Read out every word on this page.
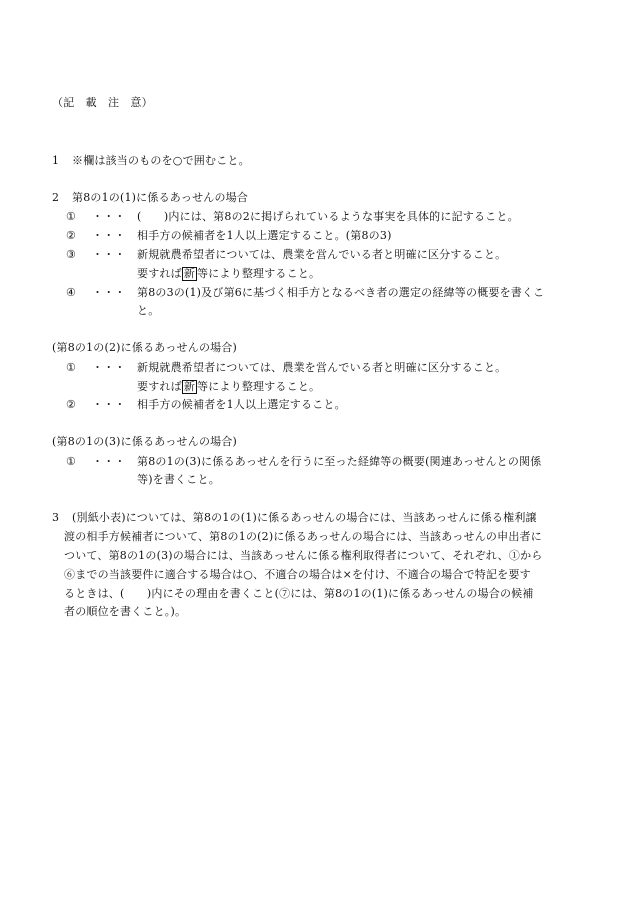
（記　載　注　意）
1 ※欄は該当のものを○で囲むこと。
2 第8の1の(1)に係るあっせんの場合
① ・・・ (　　)内には、第8の2に掲げられているような事実を具体的に記すること。
② ・・・ 相手方の候補者を1人以上選定すること。(第8の3)
③ ・・・ 新規就農希望者については、農業を営んでいる者と明確に区分すること。
要すれば 新 等により整理すること。
④ ・・・ 第8の3の(1)及び第6に基づく相手方となるべき者の選定の経緯等の概要を書くこ
と。
(第8の1の(2)に係るあっせんの場合)
① ・・・ 新規就農希望者については、農業を営んでいる者と明確に区分すること。
要すれば 新 等により整理すること。
② ・・・ 相手方の候補者を1人以上選定すること。
(第8の1の(3)に係るあっせんの場合)
① ・・・ 第8の1の(3)に係るあっせんを行うに至った経緯等の概要(関連あっせんとの関係
等)を書くこと。
3 (別紙小表)については、第8の1の(1)に係るあっせんの場合には、当該あっせんに係る権利譲
渡の相手方候補者について、第8の1の(2)に係るあっせんの場合には、当該あっせんの申出者に
ついて、第8の1の(3)の場合には、当該あっせんに係る権利取得者について、それぞれ、①から
⑥までの当該要件に適合する場合は○、不適合の場合は×を付け、不適合の場合で特記を要す
るときは、(　　)内にその理由を書くこと(⑦には、第8の1の(1)に係るあっせんの場合の候補
者の順位を書くこと。)。
